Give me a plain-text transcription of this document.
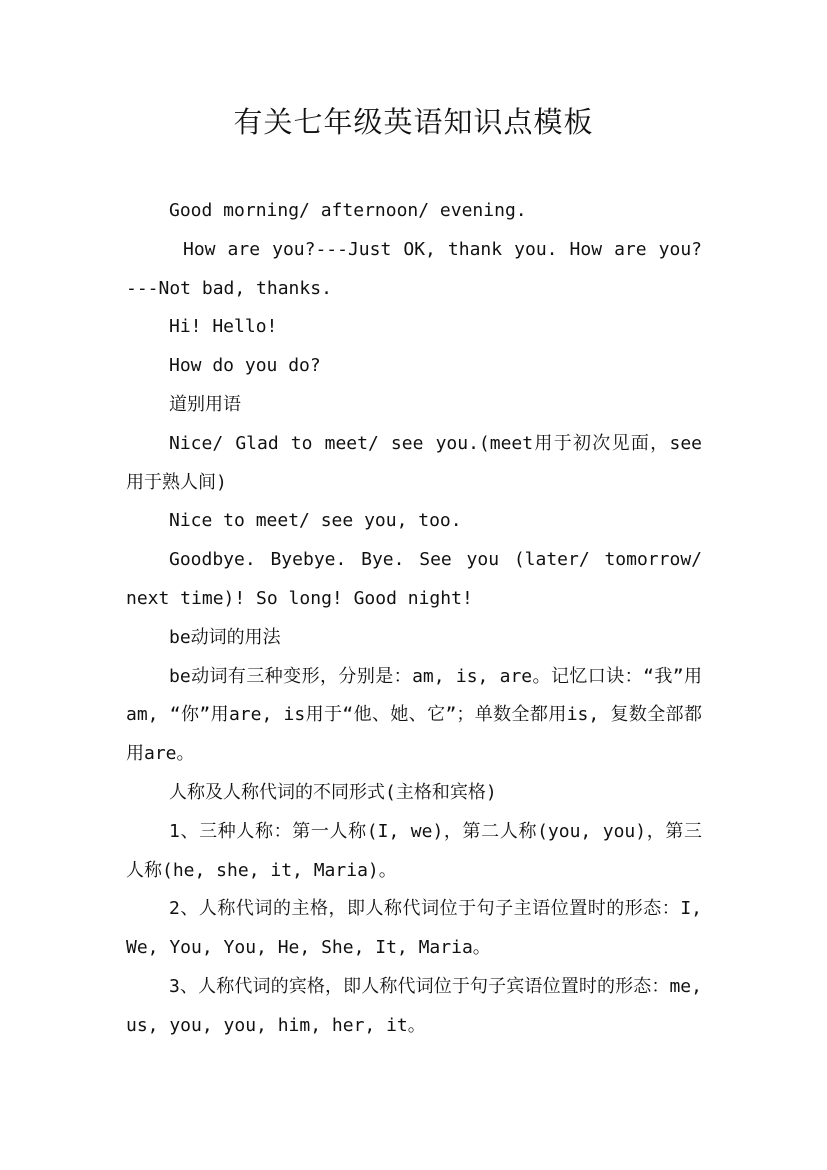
有关七年级英语知识点模板

Good morning/ afternoon/ evening.

How are you?---Just OK, thank you. How are you?---Not bad, thanks.

Hi! Hello!

How do you do?

道别用语

Nice/ Glad to meet/ see you.(meet用于初次见面，see用于熟人间)

Nice to meet/ see you, too.

Goodbye. Byebye. Bye. See you (later/ tomorrow/ next time)! So long! Good night!

be动词的用法

be动词有三种变形，分别是：am, is, are。记忆口诀：“我”用am, “你”用are, is用于“他、她、它”；单数全都用is, 复数全部都用are。

人称及人称代词的不同形式(主格和宾格)

1、三种人称：第一人称(I, we)，第二人称(you, you)，第三人称(he, she, it, Maria)。

2、人称代词的主格，即人称代词位于句子主语位置时的形态：I, We, You, You, He, She, It, Maria。

3、人称代词的宾格，即人称代词位于句子宾语位置时的形态：me, us, you, you, him, her, it。
